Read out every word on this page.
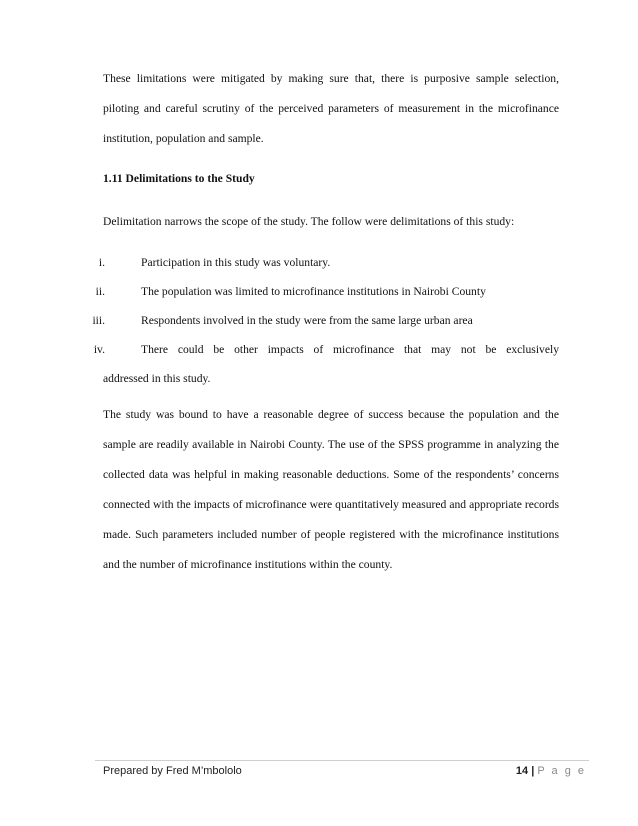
These limitations were mitigated by making sure that, there is purposive sample selection, piloting and careful scrutiny of the perceived parameters of measurement in the microfinance institution, population and sample.
1.11 Delimitations to the Study
Delimitation narrows the scope of the study. The follow were delimitations of this study:
i.	Participation in this study was voluntary.
ii.	The population was limited to microfinance institutions in Nairobi County
iii.	Respondents involved in the study were from the same large urban area
iv.	There could be other impacts of microfinance that may not be exclusively
addressed in this study.
The study was bound to have a reasonable degree of success because the population and the sample are readily available in Nairobi County. The use of the SPSS programme in analyzing the collected data was helpful in making reasonable deductions. Some of the respondents’ concerns connected with the impacts of microfinance were quantitatively measured and appropriate records made. Such parameters included number of people registered with the microfinance institutions and the number of microfinance institutions within the county.
Prepared by Fred M’mbololo	14 | P a g e
